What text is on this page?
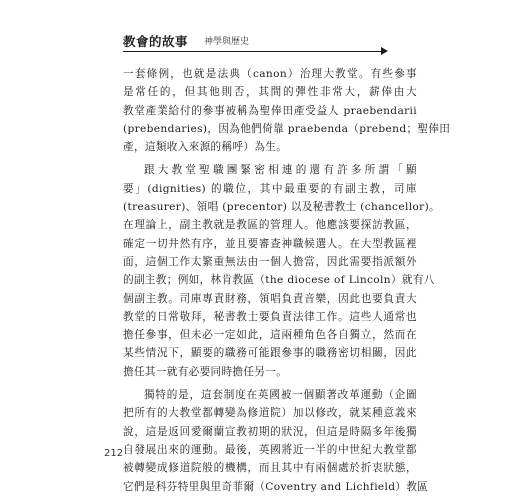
教會的故事 神學與歷史
一套條例，也就是法典（canon）治理大教堂。有些參事
是常任的，但其他則否，其間的彈性非常大，薪俸由大
教堂產業給付的參事被稱為聖俸田產受益人 praebendarii
(prebendaries)，因為他們倚靠 praebenda（prebend；聖俸田
產，這類收入來源的稱呼）為生。
跟大教堂聖職團緊密相連的還有許多所謂「顯
要」(dignities) 的職位，其中最重要的有副主教，司庫
(treasurer)、領唱 (precentor) 以及秘書教士 (chancellor)。
在理論上，副主教就是教區的管理人。他應該要探訪教區，
確定一切井然有序，並且要審查神職候選人。在大型教區裡
面，這個工作太繁重無法由一個人擔當，因此需要指派額外
的副主教；例如，林肯教區（the diocese of Lincoln）就有八
個副主教。司庫專責財務，領唱負責音樂，因此也要負責大
教堂的日常敬拜，秘書教士要負責法律工作。這些人通常也
擔任參事，但未必一定如此，這兩種角色各自獨立，然而在
某些情況下，顯要的職務可能跟參事的職務密切相關，因此
擔任其一就有必要同時擔任另一。
獨特的是，這套制度在英國被一個顯著改革運動（企圖
把所有的大教堂都轉變為修道院）加以修改，就某種意義來
說，這是返回愛爾蘭宣教初期的狀況，但這是時隔多年後獨
自發展出來的運動。最後，英國將近一半的中世紀大教堂都
被轉變成修道院般的機構，而且其中有兩個處於折衷狀態，
它們是科芬特里與里奇菲爾（Coventry and Lichfield）教區
212
